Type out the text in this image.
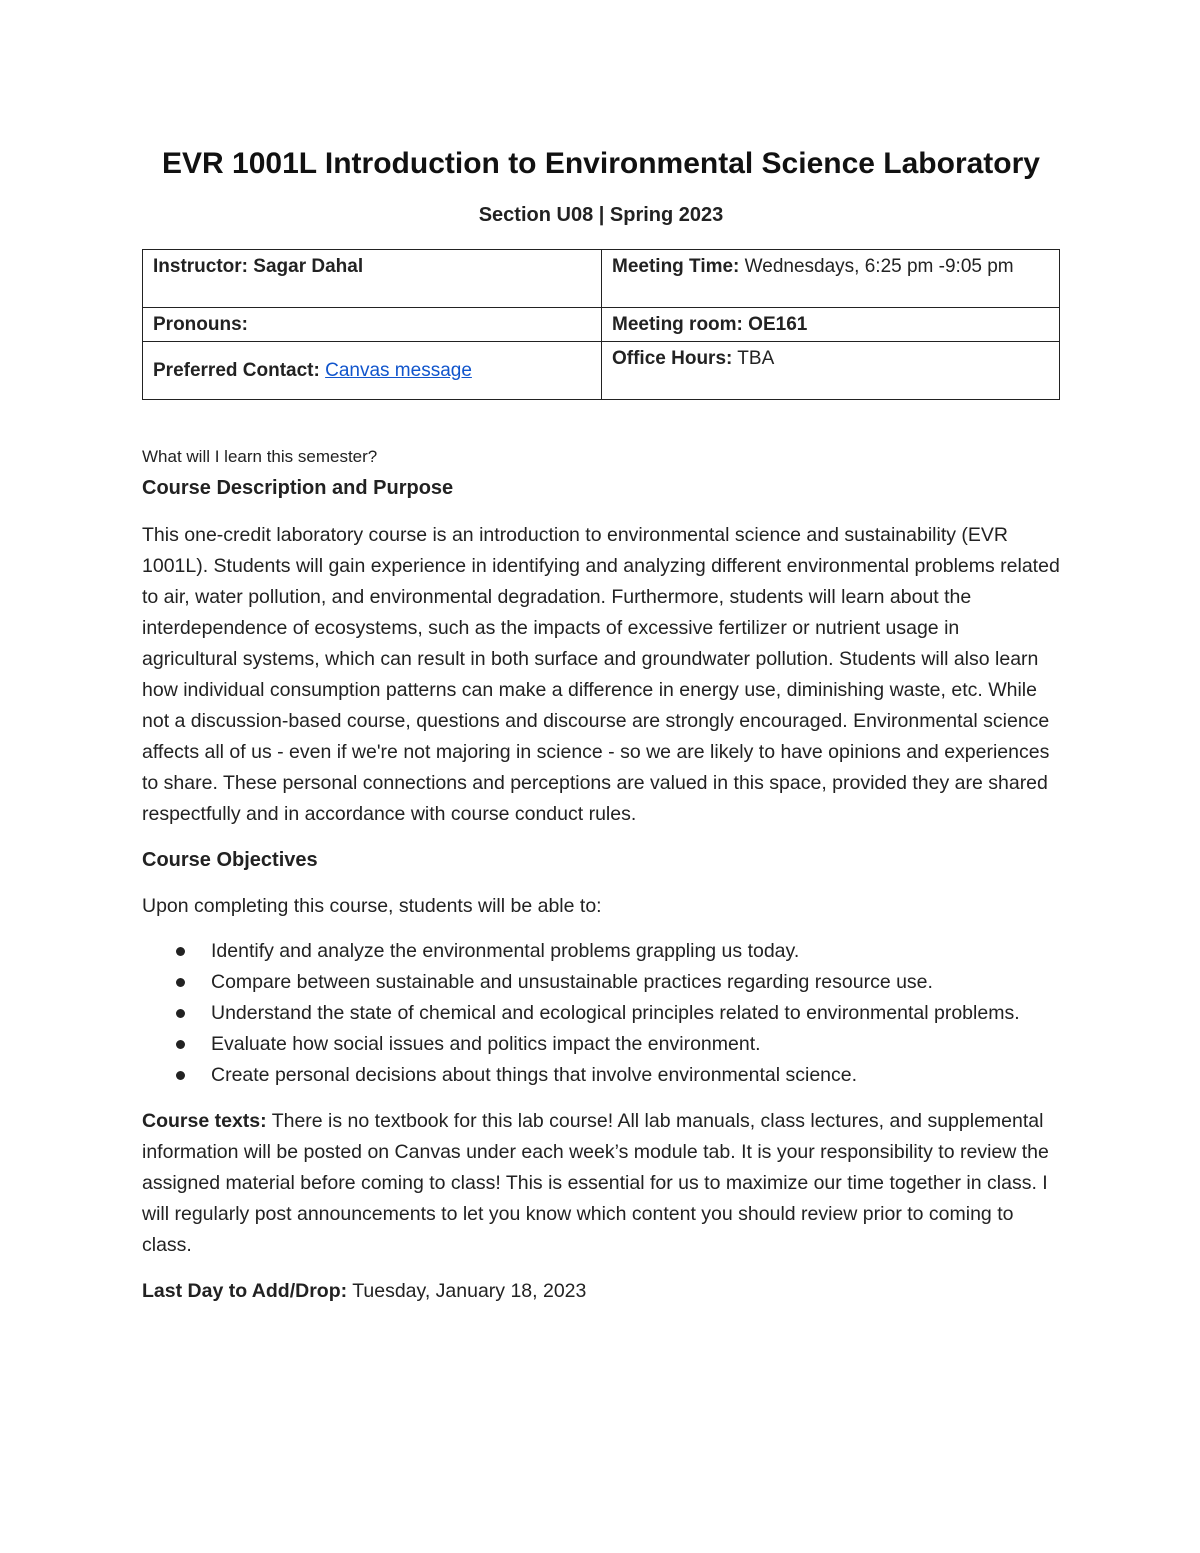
EVR 1001L Introduction to Environmental Science Laboratory
Section U08 | Spring 2023
Instructor: Sagar Dahal	Meeting Time: Wednesdays, 6:25 pm -9:05 pm
Pronouns:	Meeting room: OE161
Preferred Contact: Canvas message	Office Hours: TBA
What will I learn this semester?
Course Description and Purpose

This one-credit laboratory course is an introduction to environmental science and sustainability (EVR 1001L). Students will gain experience in identifying and analyzing different environmental problems related to air, water pollution, and environmental degradation. Furthermore, students will learn about the interdependence of ecosystems, such as the impacts of excessive fertilizer or nutrient usage in agricultural systems, which can result in both surface and groundwater pollution. Students will also learn how individual consumption patterns can make a difference in energy use, diminishing waste, etc. While not a discussion-based course, questions and discourse are strongly encouraged. Environmental science affects all of us - even if we're not majoring in science - so we are likely to have opinions and experiences to share. These personal connections and perceptions are valued in this space, provided they are shared respectfully and in accordance with course conduct rules.

Course Objectives

Upon completing this course, students will be able to:

Identify and analyze the environmental problems grappling us today.
Compare between sustainable and unsustainable practices regarding resource use.
Understand the state of chemical and ecological principles related to environmental problems.
Evaluate how social issues and politics impact the environment.
Create personal decisions about things that involve environmental science.

Course texts: There is no textbook for this lab course! All lab manuals, class lectures, and supplemental information will be posted on Canvas under each week’s module tab. It is your responsibility to review the assigned material before coming to class! This is essential for us to maximize our time together in class. I will regularly post announcements to let you know which content you should review prior to coming to class.

Last Day to Add/Drop: Tuesday, January 18, 2023
